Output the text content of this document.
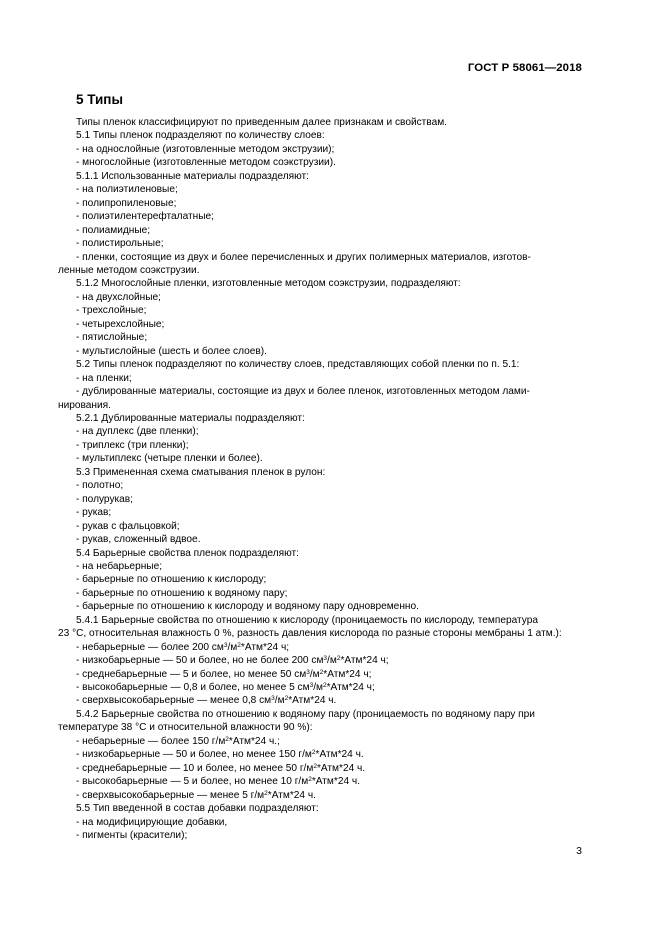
ГОСТ Р 58061—2018
5 Типы

Типы пленок классифицируют по приведенным далее признакам и свойствам.

5.1 Типы пленок подразделяют по количеству слоев:

- на однослойные (изготовленные методом экструзии);

- многослойные (изготовленные методом соэкструзии).

5.1.1 Использованные материалы подразделяют:

- на полиэтиленовые;

- полипропиленовые;

- полиэтилентерефталатные;

- полиамидные;

- полистирольные;

- пленки, состоящие из двух и более перечисленных и других полимерных материалов, изготов-

ленные методом соэкструзии.

5.1.2 Многослойные пленки, изготовленные методом соэкструзии, подразделяют:

- на двухслойные;

- трехслойные;

- четырехслойные;

- пятислойные;

- мультислойные (шесть и более слоев).

5.2 Типы пленок подразделяют по количеству слоев, представляющих собой пленки по п. 5.1:

- на пленки;

- дублированные материалы, состоящие из двух и более пленок, изготовленных методом лами-

нирования.

5.2.1 Дублированные материалы подразделяют:

- на дуплекс (две пленки);

- триплекс (три пленки);

- мультиплекс (четыре пленки и более).

5.3 Примененная схема сматывания пленок в рулон:

- полотно;

- полурукав;

- рукав;

- рукав с фальцовкой;

- рукав, сложенный вдвое.

5.4 Барьерные свойства пленок подразделяют:

- на небарьерные;

- барьерные по отношению к кислороду;

- барьерные по отношению к водяному пару;

- барьерные по отношению к кислороду и водяному пару одновременно.

5.4.1 Барьерные свойства по отношению к кислороду (проницаемость по кислороду, температура

23 °С, относительная влажность 0 %, разность давления кислорода по разные стороны мембраны 1 атм.):

- небарьерные — более 200 $см^3/м^2*Атм*24$ ч;

- низкобарьерные — 50 и более, но не более 200 $см^3/м^2*Атм*24$ ч;

- среднебарьерные — 5 и более, но менее 50 $см^3/м^2*Атм*24$ ч;

- высокобарьерные — 0,8 и более, но менее 5 $см^3/м^2*Атм*24$ ч;

- сверхвысокобарьерные — менее 0,8 $см^3/м^2*Атм*24$ ч.

5.4.2 Барьерные свойства по отношению к водяному пару (проницаемость по водяному пару при

температуре 38 °С и относительной влажности 90 %):

- небарьерные — более 150 $г/м^2*Атм*24$ ч.;

- низкобарьерные — 50 и более, но менее 150 $г/м^2*Атм*24$ ч.

- среднебарьерные — 10 и более, но менее 50 $г/м^2*Атм*24$ ч.

- высокобарьерные — 5 и более, но менее 10 $г/м^2*Атм*24$ ч.

- сверхвысокобарьерные — менее 5 $г/м^2*Атм*24$ ч.

5.5 Тип введенной в состав добавки подразделяют:

- на модифицирующие добавки,

- пигменты (красители);

3
